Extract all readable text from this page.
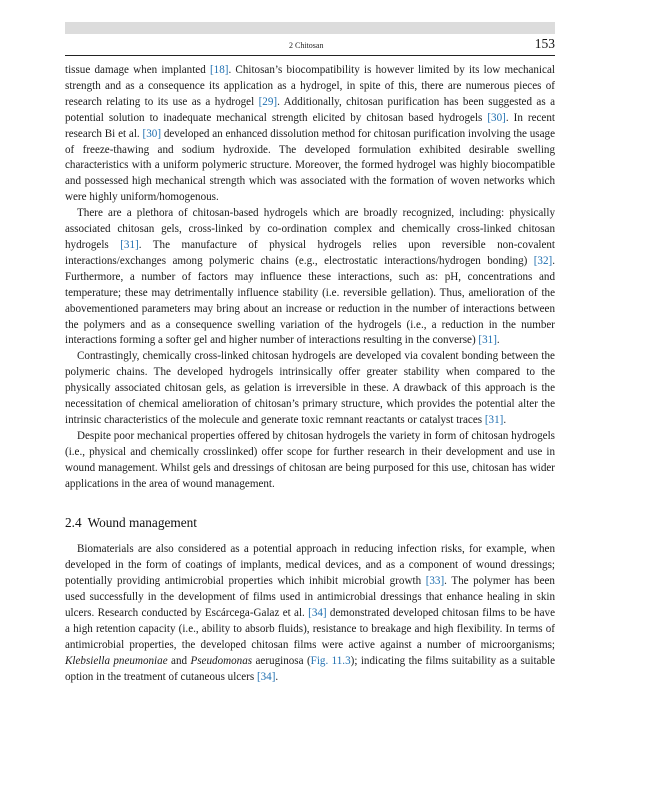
2 Chitosan	153

tissue damage when implanted [18]. Chitosan’s biocompatibility is however limited by its low mechanical strength and as a consequence its application as a hydrogel, in spite of this, there are numerous pieces of research relating to its use as a hydrogel [29]. Additionally, chitosan purification has been suggested as a potential solution to inadequate mechanical strength elicited by chitosan based hydrogels [30]. In recent research Bi et al. [30] developed an enhanced dissolution method for chitosan purification involving the usage of freeze-thawing and sodium hydroxide. The developed formulation exhibited desirable swelling characteristics with a uniform polymeric structure. Moreover, the formed hydrogel was highly biocompatible and possessed high mechanical strength which was associated with the formation of woven networks which were highly uniform/homogenous.

There are a plethora of chitosan-based hydrogels which are broadly recognized, including: physically associated chitosan gels, cross-linked by co-ordination complex and chemically cross-linked chitosan hydrogels [31]. The manufacture of physical hydrogels relies upon reversible non-covalent interactions/exchanges among polymeric chains (e.g., electrostatic interactions/hydrogen bonding) [32]. Furthermore, a number of factors may influence these interactions, such as: pH, concentrations and temperature; these may detrimentally influence stability (i.e. reversible gellation). Thus, amelioration of the abovementioned parameters may bring about an increase or reduction in the number of interactions between the polymers and as a consequence swelling variation of the hydrogels (i.e., a reduction in the number interactions forming a softer gel and higher number of interactions resulting in the converse) [31].

Contrastingly, chemically cross-linked chitosan hydrogels are developed via covalent bonding between the polymeric chains. The developed hydrogels intrinsically offer greater stability when compared to the physically associated chitosan gels, as gelation is irreversible in these. A drawback of this approach is the necessitation of chemical amelioration of chitosan’s primary structure, which provides the potential alter the intrinsic characteristics of the molecule and generate toxic remnant reactants or catalyst traces [31].

Despite poor mechanical properties offered by chitosan hydrogels the variety in form of chitosan hydrogels (i.e., physical and chemically crosslinked) offer scope for further research in their development and use in wound management. Whilst gels and dressings of chitosan are being purposed for this use, chitosan has wider applications in the area of wound management.

2.4 Wound management

Biomaterials are also considered as a potential approach in reducing infection risks, for example, when developed in the form of coatings of implants, medical devices, and as a component of wound dressings; potentially providing antimicrobial properties which inhibit microbial growth [33]. The polymer has been used successfully in the development of films used in antimicrobial dressings that enhance healing in skin ulcers. Research conducted by Escárcega-Galaz et al. [34] demonstrated developed chitosan films to be have a high retention capacity (i.e., ability to absorb fluids), resistance to breakage and high flexibility. In terms of antimicrobial properties, the developed chitosan films were active against a number of microorganisms; Klebsiella pneumoniae and Pseudomonas aeruginosa (Fig. 11.3); indicating the films suitability as a suitable option in the treatment of cutaneous ulcers [34].
